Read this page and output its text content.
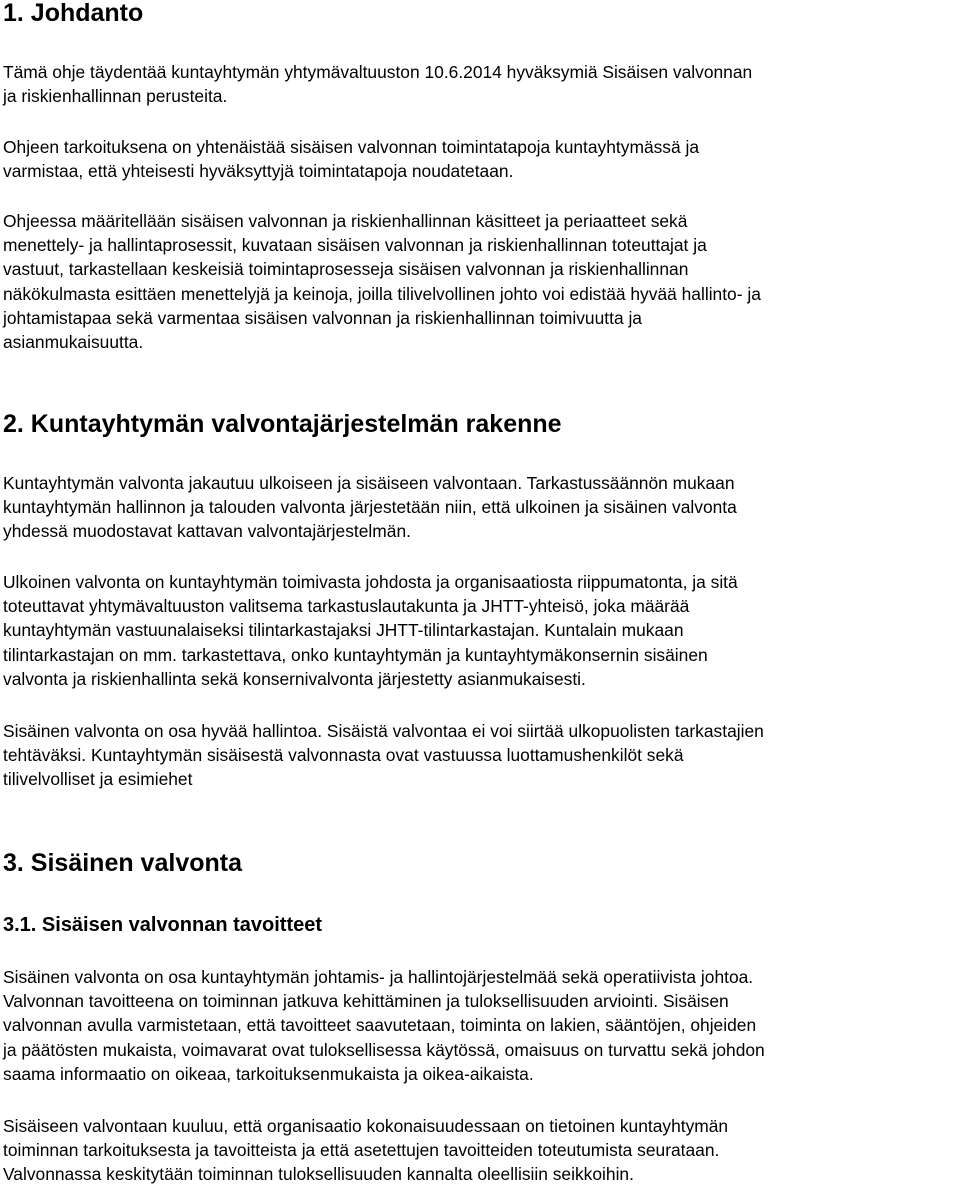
1. Johdanto

Tämä ohje täydentää kuntayhtymän yhtymävaltuuston 10.6.2014 hyväksymiä Sisäisen valvonnan
ja riskienhallinnan perusteita.

Ohjeen tarkoituksena on yhtenäistää sisäisen valvonnan toimintatapoja kuntayhtymässä ja
varmistaa, että yhteisesti hyväksyttyjä toimintatapoja noudatetaan.

Ohjeessa määritellään sisäisen valvonnan ja riskienhallinnan käsitteet ja periaatteet sekä
menettely- ja hallintaprosessit, kuvataan sisäisen valvonnan ja riskienhallinnan toteuttajat ja
vastuut, tarkastellaan keskeisiä toimintaprosesseja sisäisen valvonnan ja riskienhallinnan
näkökulmasta esittäen menettelyjä ja keinoja, joilla tilivelvollinen johto voi edistää hyvää hallinto- ja
johtamistapaa sekä varmentaa sisäisen valvonnan ja riskienhallinnan toimivuutta ja
asianmukaisuutta.

2. Kuntayhtymän valvontajärjestelmän rakenne

Kuntayhtymän valvonta jakautuu ulkoiseen ja sisäiseen valvontaan. Tarkastussäännön mukaan
kuntayhtymän hallinnon ja talouden valvonta järjestetään niin, että ulkoinen ja sisäinen valvonta
yhdessä muodostavat kattavan valvontajärjestelmän.

Ulkoinen valvonta on kuntayhtymän toimivasta johdosta ja organisaatiosta riippumatonta, ja sitä
toteuttavat yhtymävaltuuston valitsema tarkastuslautakunta ja JHTT-yhteisö, joka määrää
kuntayhtymän vastuunalaiseksi tilintarkastajaksi JHTT-tilintarkastajan. Kuntalain mukaan
tilintarkastajan on mm. tarkastettava, onko kuntayhtymän ja kuntayhtymäkonsernin sisäinen
valvonta ja riskienhallinta sekä konsernivalvonta järjestetty asianmukaisesti.

Sisäinen valvonta on osa hyvää hallintoa. Sisäistä valvontaa ei voi siirtää ulkopuolisten tarkastajien
tehtäväksi. Kuntayhtymän sisäisestä valvonnasta ovat vastuussa luottamushenkilöt sekä
tilivelvolliset ja esimiehet

3. Sisäinen valvonta
3.1. Sisäisen valvonnan tavoitteet

Sisäinen valvonta on osa kuntayhtymän johtamis- ja hallintojärjestelmää sekä operatiivista johtoa.
Valvonnan tavoitteena on toiminnan jatkuva kehittäminen ja tuloksellisuuden arviointi. Sisäisen
valvonnan avulla varmistetaan, että tavoitteet saavutetaan, toiminta on lakien, sääntöjen, ohjeiden
ja päätösten mukaista, voimavarat ovat tuloksellisessa käytössä, omaisuus on turvattu sekä johdon
saama informaatio on oikeaa, tarkoituksenmukaista ja oikea-aikaista.

Sisäiseen valvontaan kuuluu, että organisaatio kokonaisuudessaan on tietoinen kuntayhtymän
toiminnan tarkoituksesta ja tavoitteista ja että asetettujen tavoitteiden toteutumista seurataan.
Valvonnassa keskitytään toiminnan tuloksellisuuden kannalta oleellisiin seikkoihin.
